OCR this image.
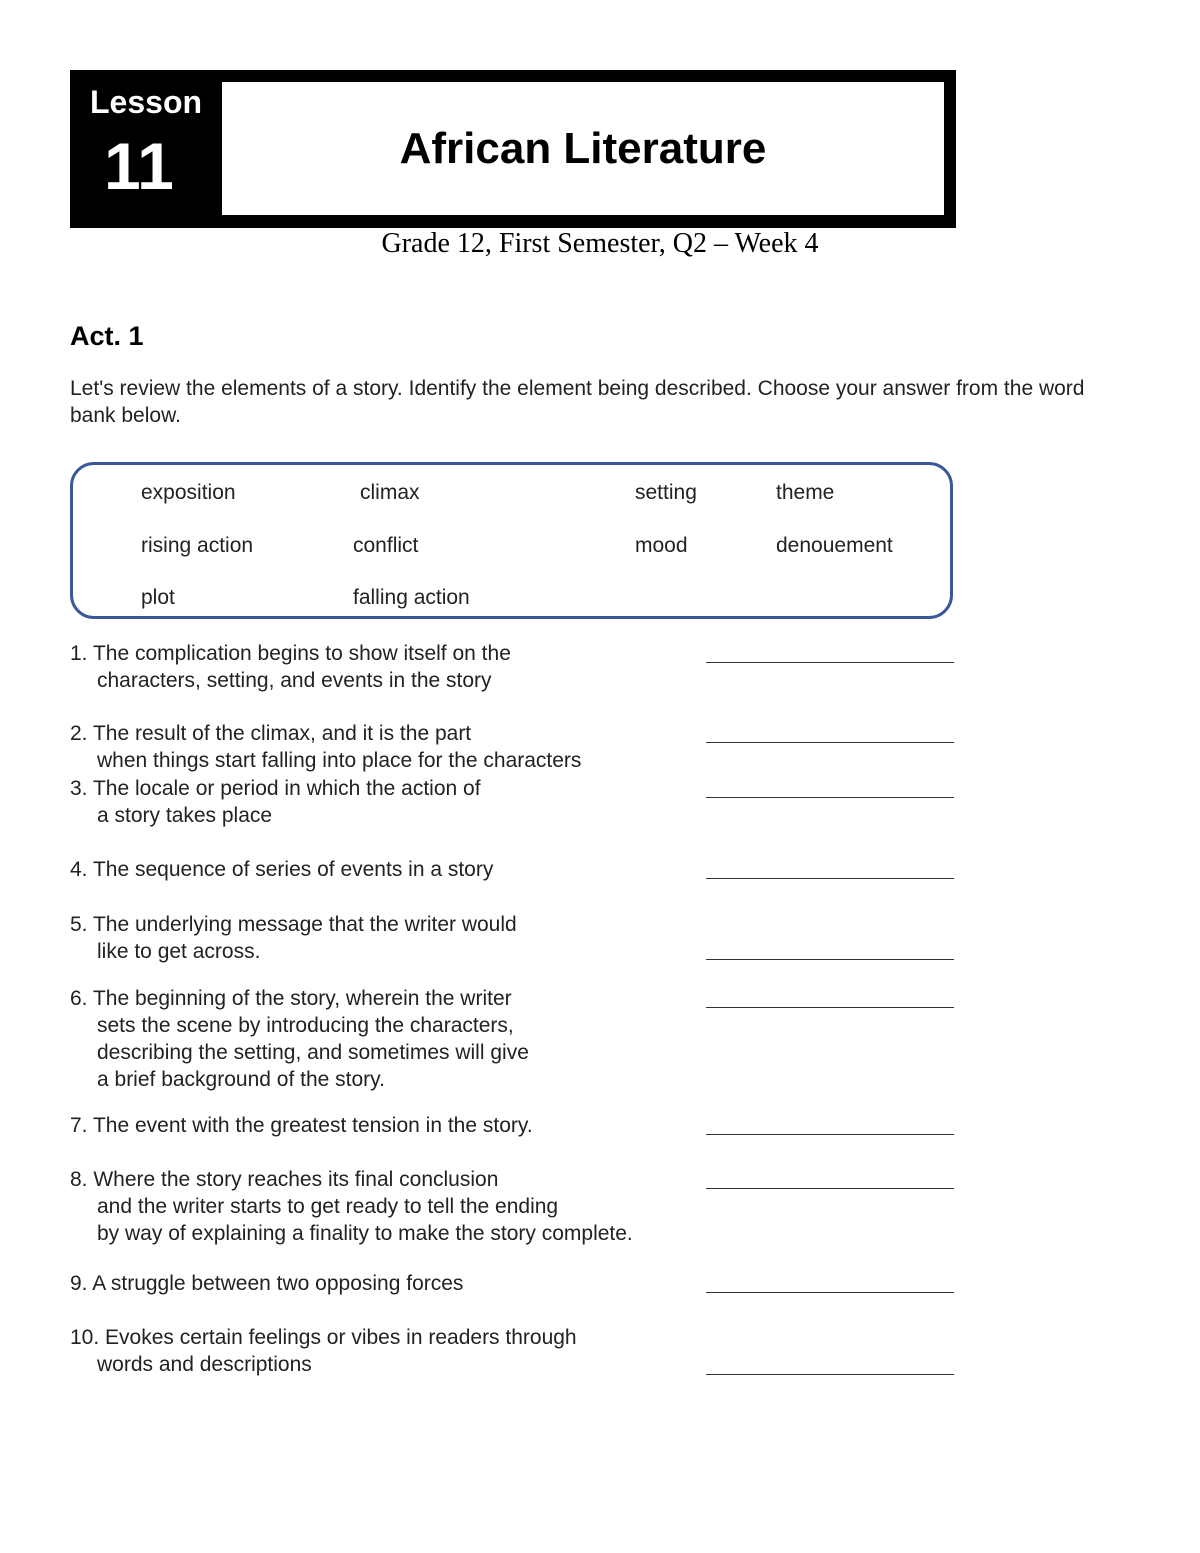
Lesson
11	African Literature
Grade 12, First Semester, Q2 – Week 4
Act. 1
Let's review the elements of a story. Identify the element being described. Choose your answer from the word bank below.
exposition	climax	setting	theme
rising action	conflict	mood	denouement
plot	falling action
1. The complication begins to show itself on the
characters, setting, and events in the story
2. The result of the climax, and it is the part
when things start falling into place for the characters
3. The locale or period in which the action of
a story takes place
4. The sequence of series of events in a story
5. The underlying message that the writer would
like to get across.
6. The beginning of the story, wherein the writer
sets the scene by introducing the characters,
describing the setting, and sometimes will give
a brief background of the story.
7. The event with the greatest tension in the story.
8. Where the story reaches its final conclusion
and the writer starts to get ready to tell the ending
by way of explaining a finality to make the story complete.
9. A struggle between two opposing forces
10. Evokes certain feelings or vibes in readers through
words and descriptions
